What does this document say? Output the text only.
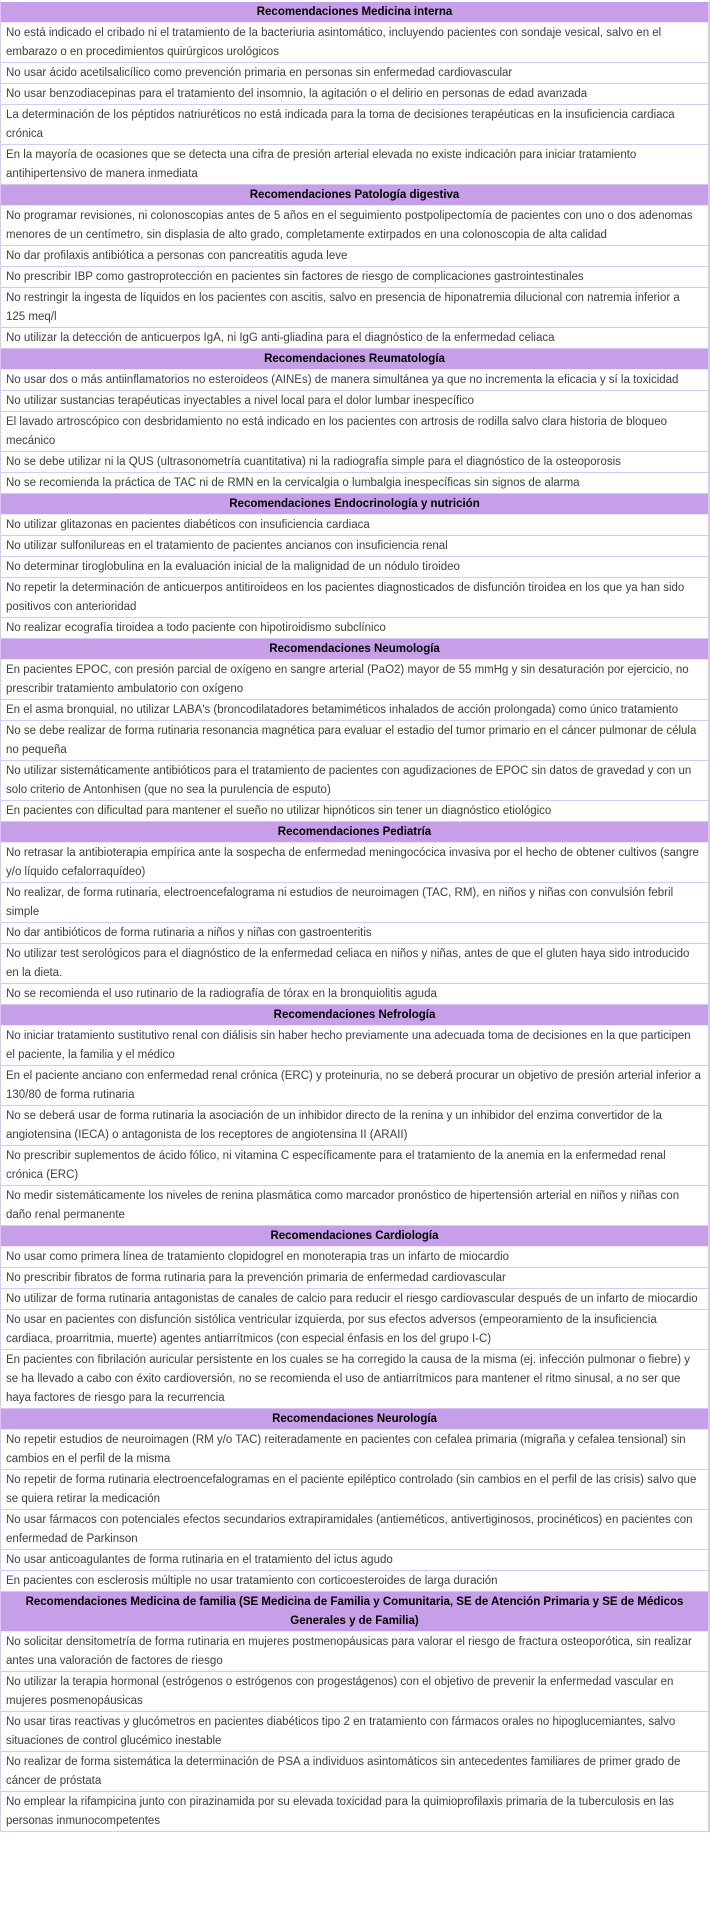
Recomendaciones Medicina interna
No está indicado el cribado ni el tratamiento de la bacteriuria asintomático, incluyendo pacientes con sondaje vesical, salvo en el embarazo o en procedimientos quirúrgicos urológicos
No usar ácido acetilsalicílico como prevención primaria en personas sin enfermedad cardiovascular
No usar benzodiacepinas para el tratamiento del insomnio, la agitación o el delirio en personas de edad avanzada
La determinación de los péptidos natriuréticos no está indicada para la toma de decisiones terapéuticas en la insuficiencia cardiaca crónica
En la mayoría de ocasiones que se detecta una cifra de presión arterial elevada no existe indicación para iniciar tratamiento antihipertensivo de manera inmediata
Recomendaciones Patología digestiva
No programar revisiones, ni colonoscopias antes de 5 años en el seguimiento postpolipectomía de pacientes con uno o dos adenomas menores de un centímetro, sin displasia de alto grado, completamente extirpados en una colonoscopia de alta calidad
No dar profilaxis antibiótica a personas con pancreatitis aguda leve
No prescribir IBP como gastroprotección en pacientes sin factores de riesgo de complicaciones gastrointestinales
No restringir la ingesta de líquidos en los pacientes con ascitis, salvo en presencia de hiponatremia dilucional con natremia inferior a 125 meq/l
No utilizar la detección de anticuerpos IgA, ni IgG anti-gliadina para el diagnóstico de la enfermedad celiaca
Recomendaciones Reumatología
No usar dos o más antiinflamatorios no esteroideos (AINEs) de manera simultánea ya que no incrementa la eficacia y sí la toxicidad
No utilizar sustancias terapéuticas inyectables a nivel local para el dolor lumbar inespecífico
El lavado artroscópico con desbridamiento no está indicado en los pacientes con artrosis de rodilla salvo clara historia de bloqueo mecánico
No se debe utilizar ni la QUS (ultrasonometría cuantitativa) ni la radiografía simple para el diagnóstico de la osteoporosis
No se recomienda la práctica de TAC ni de RMN en la cervicalgia o lumbalgia inespecíficas sin signos de alarma
Recomendaciones Endocrinología y nutrición
No utilizar glitazonas en pacientes diabéticos con insuficiencia cardiaca
No utilizar sulfonilureas en el tratamiento de pacientes ancianos con insuficiencia renal
No determinar tiroglobulina en la evaluación inicial de la malignidad de un nódulo tiroideo
No repetir la determinación de anticuerpos antitiroideos en los pacientes diagnosticados de disfunción tiroidea en los que ya han sido positivos con anterioridad
No realizar ecografía tiroidea a todo paciente con hipotiroidismo subclínico
Recomendaciones Neumología
En pacientes EPOC, con presión parcial de oxígeno en sangre arterial (PaO2) mayor de 55 mmHg y sin desaturación por ejercicio, no prescribir tratamiento ambulatorio con oxígeno
En el asma bronquial, no utilizar LABA's (broncodilatadores betamiméticos inhalados de acción prolongada) como único tratamiento
No se debe realizar de forma rutinaria resonancia magnética para evaluar el estadio del tumor primario en el cáncer pulmonar de célula no pequeña
No utilizar sistemáticamente antibióticos para el tratamiento de pacientes con agudizaciones de EPOC sin datos de gravedad y con un solo criterio de Antonhisen (que no sea la purulencia de esputo)
En pacientes con dificultad para mantener el sueño no utilizar hipnóticos sin tener un diagnóstico etiológico
Recomendaciones Pediatría
No retrasar la antibioterapia empírica ante la sospecha de enfermedad meningocócica invasiva por el hecho de obtener cultivos (sangre y/o líquido cefalorraquídeo)
No realizar, de forma rutinaria, electroencefalograma ni estudios de neuroimagen (TAC, RM), en niños y niñas con convulsión febril simple
No dar antibióticos de forma rutinaria a niños y niñas con gastroenteritis
No utilizar test serológicos para el diagnóstico de la enfermedad celiaca en niños y niñas, antes de que el gluten haya sido introducido en la dieta.
No se recomienda el uso rutinario de la radiografía de tórax en la bronquiolitis aguda
Recomendaciones Nefrología
No iniciar tratamiento sustitutivo renal con diálisis sin haber hecho previamente una adecuada toma de decisiones en la que participen el paciente, la familia y el médico
En el paciente anciano con enfermedad renal crónica (ERC) y proteinuria, no se deberá procurar un objetivo de presión arterial inferior a 130/80 de forma rutinaria
No se deberá usar de forma rutinaria la asociación de un inhibidor directo de la renina y un inhibidor del enzima convertidor de la angiotensina (IECA) o antagonista de los receptores de angiotensina II (ARAII)
No prescribir suplementos de ácido fólico, ni vitamina C específicamente para el tratamiento de la anemia en la enfermedad renal crónica (ERC)
No medir sistemáticamente los niveles de renina plasmática como marcador pronóstico de hipertensión arterial en niños y niñas con daño renal permanente
Recomendaciones Cardiología
No usar como primera línea de tratamiento clopidogrel en monoterapia tras un infarto de miocardio
No prescribir fibratos de forma rutinaria para la prevención primaria de enfermedad cardiovascular
No utilizar de forma rutinaria antagonistas de canales de calcio para reducir el riesgo cardiovascular después de un infarto de miocardio
No usar en pacientes con disfunción sistólica ventricular izquierda, por sus efectos adversos (empeoramiento de la insuficiencia cardiaca, proarritmia, muerte) agentes antiarrítmicos (con especial énfasis en los del grupo I-C)
En pacientes con fibrilación auricular persistente en los cuales se ha corregido la causa de la misma (ej. infección pulmonar o fiebre) y se ha llevado a cabo con éxito cardioversión, no se recomienda el uso de antiarrítmicos para mantener el ritmo sinusal, a no ser que haya factores de riesgo para la recurrencia
Recomendaciones Neurología
No repetir estudios de neuroimagen (RM y/o TAC) reiteradamente en pacientes con cefalea primaria (migraña y cefalea tensional) sin cambios en el perfil de la misma
No repetir de forma rutinaria electroencefalogramas en el paciente epiléptico controlado (sin cambios en el perfil de las crisis) salvo que se quiera retirar la medicación
No usar fármacos con potenciales efectos secundarios extrapiramidales (antieméticos, antivertiginosos, procinéticos) en pacientes con enfermedad de Parkinson
No usar anticoagulantes de forma rutinaria en el tratamiento del ictus agudo
En pacientes con esclerosis múltiple no usar tratamiento con corticoesteroides de larga duración
Recomendaciones Medicina de familia (SE Medicina de Familia y Comunitaria, SE de Atención Primaria y SE de Médicos Generales y de Familia)
No solicitar densitometría de forma rutinaria en mujeres postmenopáusicas para valorar el riesgo de fractura osteoporótica, sin realizar antes una valoración de factores de riesgo
No utilizar la terapia hormonal (estrógenos o estrógenos con progestágenos) con el objetivo de prevenir la enfermedad vascular en mujeres posmenopáusicas
No usar tiras reactivas y glucómetros en pacientes diabéticos tipo 2 en tratamiento con fármacos orales no hipoglucemiantes, salvo situaciones de control glucémico inestable
No realizar de forma sistemática la determinación de PSA a individuos asintomáticos sin antecedentes familiares de primer grado de cáncer de próstata
No emplear la rifampicina junto con pirazinamida por su elevada toxicidad para la quimioprofilaxis primaria de la tuberculosis en las personas inmunocompetentes
